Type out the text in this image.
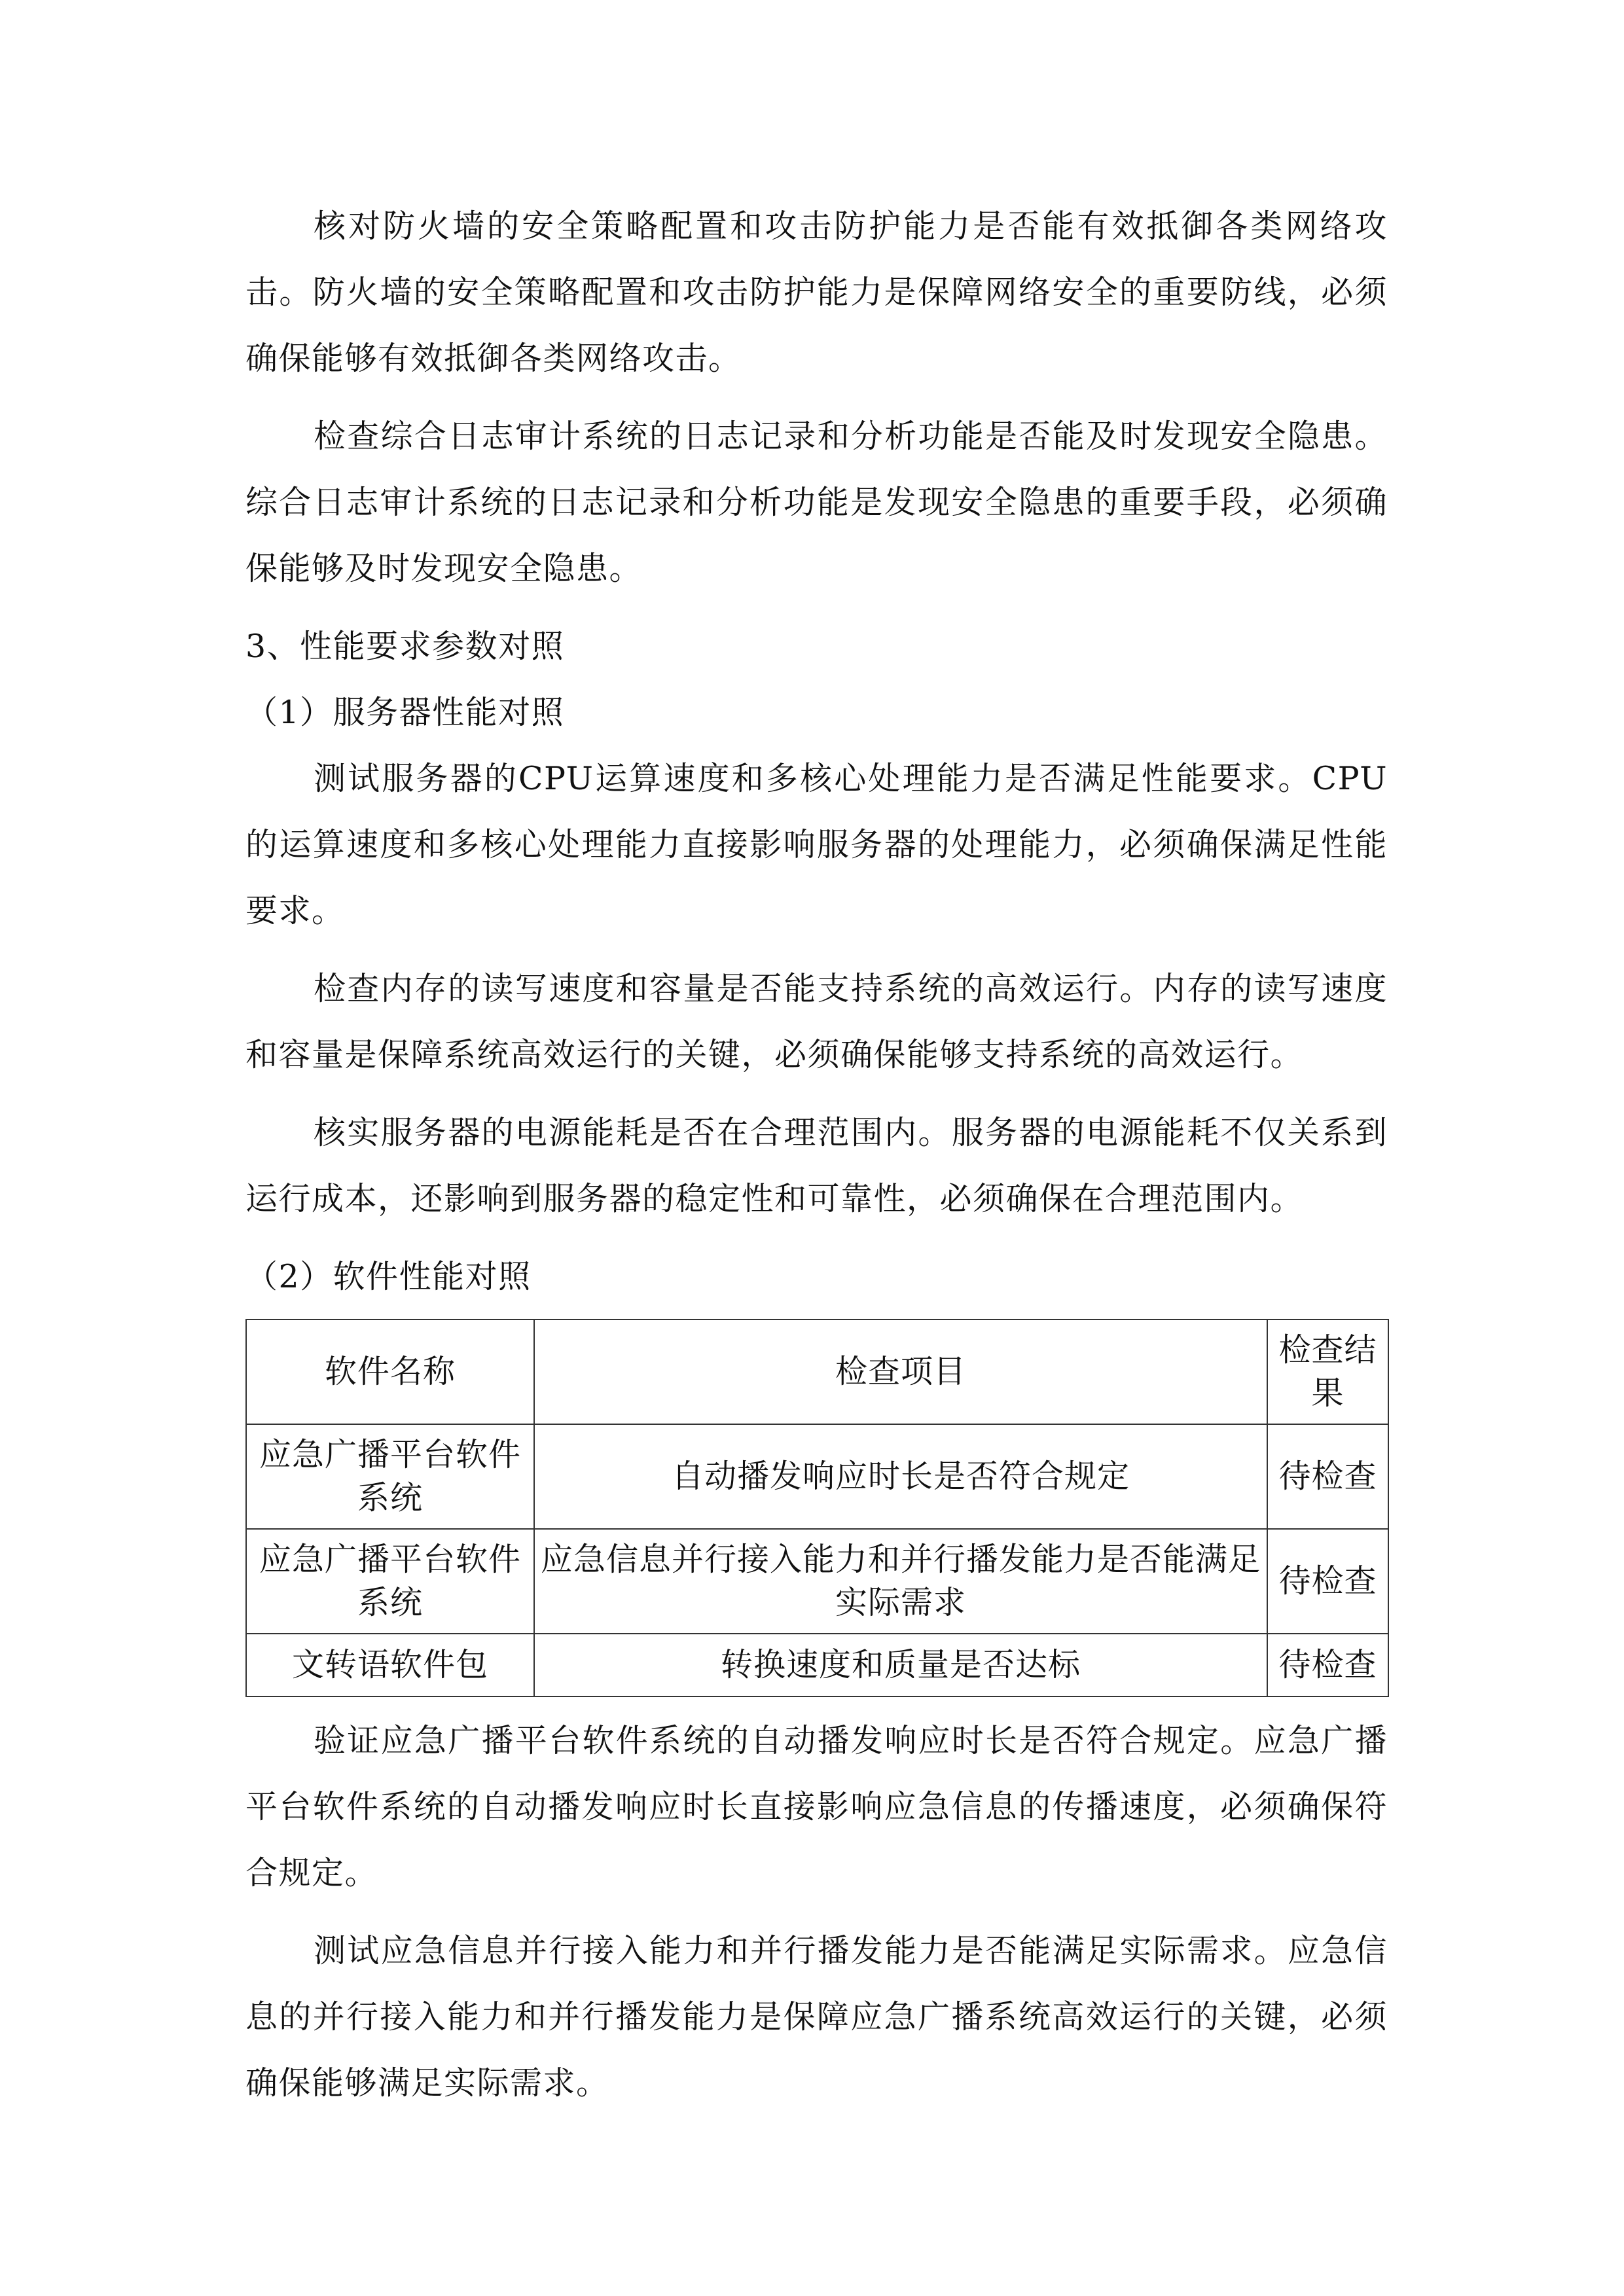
核对防火墙的安全策略配置和攻击防护能力是否能有效抵御各类网络攻击。防火墙的安全策略配置和攻击防护能力是保障网络安全的重要防线，必须确保能够有效抵御各类网络攻击。

检查综合日志审计系统的日志记录和分析功能是否能及时发现安全隐患。综合日志审计系统的日志记录和分析功能是发现安全隐患的重要手段，必须确保能够及时发现安全隐患。

3、性能要求参数对照

（1）服务器性能对照

测试服务器的CPU运算速度和多核心处理能力是否满足性能要求。CPU的运算速度和多核心处理能力直接影响服务器的处理能力，必须确保满足性能要求。

检查内存的读写速度和容量是否能支持系统的高效运行。内存的读写速度和容量是保障系统高效运行的关键，必须确保能够支持系统的高效运行。

核实服务器的电源能耗是否在合理范围内。服务器的电源能耗不仅关系到运行成本，还影响到服务器的稳定性和可靠性，必须确保在合理范围内。

（2）软件性能对照

软件名称	检查项目	检查结果
应急广播平台软件系统	自动播发响应时长是否符合规定	待检查
应急广播平台软件系统	应急信息并行接入能力和并行播发能力是否能满足实际需求	待检查
文转语软件包	转换速度和质量是否达标	待检查

验证应急广播平台软件系统的自动播发响应时长是否符合规定。应急广播平台软件系统的自动播发响应时长直接影响应急信息的传播速度，必须确保符合规定。

测试应急信息并行接入能力和并行播发能力是否能满足实际需求。应急信息的并行接入能力和并行播发能力是保障应急广播系统高效运行的关键，必须确保能够满足实际需求。
